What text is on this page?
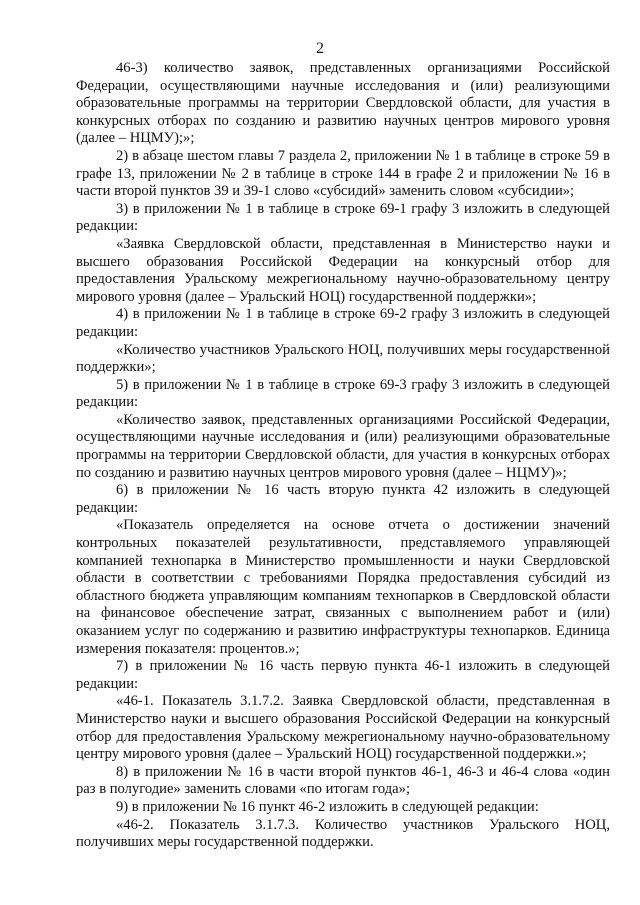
2

46-3) количество заявок, представленных организациями Российской Федерации, осуществляющими научные исследования и (или) реализующими образовательные программы на территории Свердловской области, для участия в конкурсных отборах по созданию и развитию научных центров мирового уровня (далее – НЦМУ);»;

2) в абзаце шестом главы 7 раздела 2, приложении № 1 в таблице в строке 59 в графе 13, приложении № 2 в таблице в строке 144 в графе 2 и приложении № 16 в части второй пунктов 39 и 39-1 слово «субсидий» заменить словом «субсидии»;

3) в приложении № 1 в таблице в строке 69-1 графу 3 изложить в следующей редакции:

«Заявка Свердловской области, представленная в Министерство науки и высшего образования Российской Федерации на конкурсный отбор для предоставления Уральскому межрегиональному научно-образовательному центру мирового уровня (далее – Уральский НОЦ) государственной поддержки»;

4) в приложении № 1 в таблице в строке 69-2 графу 3 изложить в следующей редакции:

«Количество участников Уральского НОЦ, получивших меры государственной поддержки»;

5) в приложении № 1 в таблице в строке 69-3 графу 3 изложить в следующей редакции:

«Количество заявок, представленных организациями Российской Федерации, осуществляющими научные исследования и (или) реализующими образовательные программы на территории Свердловской области, для участия в конкурсных отборах по созданию и развитию научных центров мирового уровня (далее – НЦМУ)»;

6) в приложении № 16 часть вторую пункта 42 изложить в следующей редакции:

«Показатель определяется на основе отчета о достижении значений контрольных показателей результативности, представляемого управляющей компанией технопарка в Министерство промышленности и науки Свердловской области в соответствии с требованиями Порядка предоставления субсидий из областного бюджета управляющим компаниям технопарков в Свердловской области на финансовое обеспечение затрат, связанных с выполнением работ и (или) оказанием услуг по содержанию и развитию инфраструктуры технопарков. Единица измерения показателя: процентов.»;

7) в приложении № 16 часть первую пункта 46-1 изложить в следующей редакции:

«46-1. Показатель 3.1.7.2. Заявка Свердловской области, представленная в Министерство науки и высшего образования Российской Федерации на конкурсный отбор для предоставления Уральскому межрегиональному научно-образовательному центру мирового уровня (далее – Уральский НОЦ) государственной поддержки.»;

8) в приложении № 16 в части второй пунктов 46-1, 46-3 и 46-4 слова «один раз в полугодие» заменить словами «по итогам года»;

9) в приложении № 16 пункт 46-2 изложить в следующей редакции:

«46-2. Показатель 3.1.7.3. Количество участников Уральского НОЦ, получивших меры государственной поддержки.
